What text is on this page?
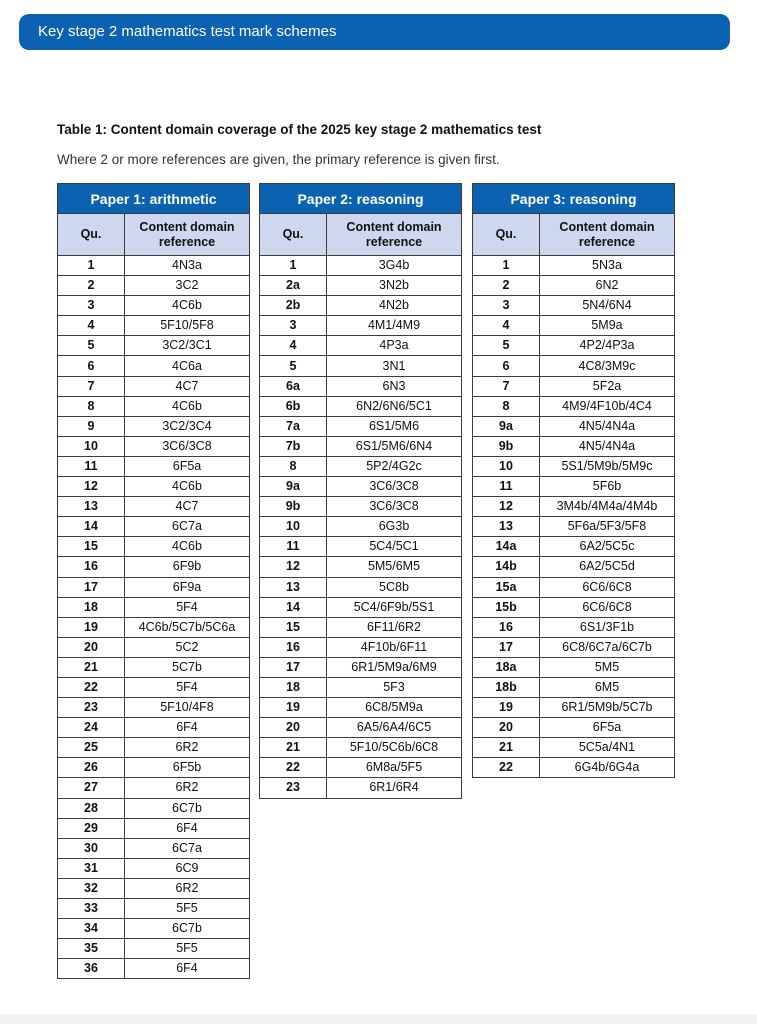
Key stage 2 mathematics test mark schemes
Table 1: Content domain coverage of the 2025 key stage 2 mathematics test
Where 2 or more references are given, the primary reference is given first.
Paper 1: arithmetic	
Qu.	Content domain reference
1	4N3a
2	3C2
3	4C6b
4	5F10/5F8
5	3C2/3C1
6	4C6a
7	4C7
8	4C6b
9	3C2/3C4
10	3C6/3C8
11	6F5a
12	4C6b
13	4C7
14	6C7a
15	4C6b
16	6F9b
17	6F9a
18	5F4
19	4C6b/5C7b/5C6a
20	5C2
21	5C7b
22	5F4
23	5F10/4F8
24	6F4
25	6R2
26	6F5b
27	6R2
28	6C7b
29	6F4
30	6C7a
31	6C9
32	6R2
33	5F5
34	6C7b
35	5F5
36	6F4
Paper 2: reasoning	
Qu.	Content domain reference
1	3G4b
2a	3N2b
2b	4N2b
3	4M1/4M9
4	4P3a
5	3N1
6a	6N3
6b	6N2/6N6/5C1
7a	6S1/5M6
7b	6S1/5M6/6N4
8	5P2/4G2c
9a	3C6/3C8
9b	3C6/3C8
10	6G3b
11	5C4/5C1
12	5M5/6M5
13	5C8b
14	5C4/6F9b/5S1
15	6F11/6R2
16	4F10b/6F11
17	6R1/5M9a/6M9
18	5F3
19	6C8/5M9a
20	6A5/6A4/6C5
21	5F10/5C6b/6C8
22	6M8a/5F5
23	6R1/6R4
Paper 3: reasoning	
Qu.	Content domain reference
1	5N3a
2	6N2
3	5N4/6N4
4	5M9a
5	4P2/4P3a
6	4C8/3M9c
7	5F2a
8	4M9/4F10b/4C4
9a	4N5/4N4a
9b	4N5/4N4a
10	5S1/5M9b/5M9c
11	5F6b
12	3M4b/4M4a/4M4b
13	5F6a/5F3/5F8
14a	6A2/5C5c
14b	6A2/5C5d
15a	6C6/6C8
15b	6C6/6C8
16	6S1/3F1b
17	6C8/6C7a/6C7b
18a	5M5
18b	6M5
19	6R1/5M9b/5C7b
20	6F5a
21	5C5a/4N1
22	6G4b/6G4a
